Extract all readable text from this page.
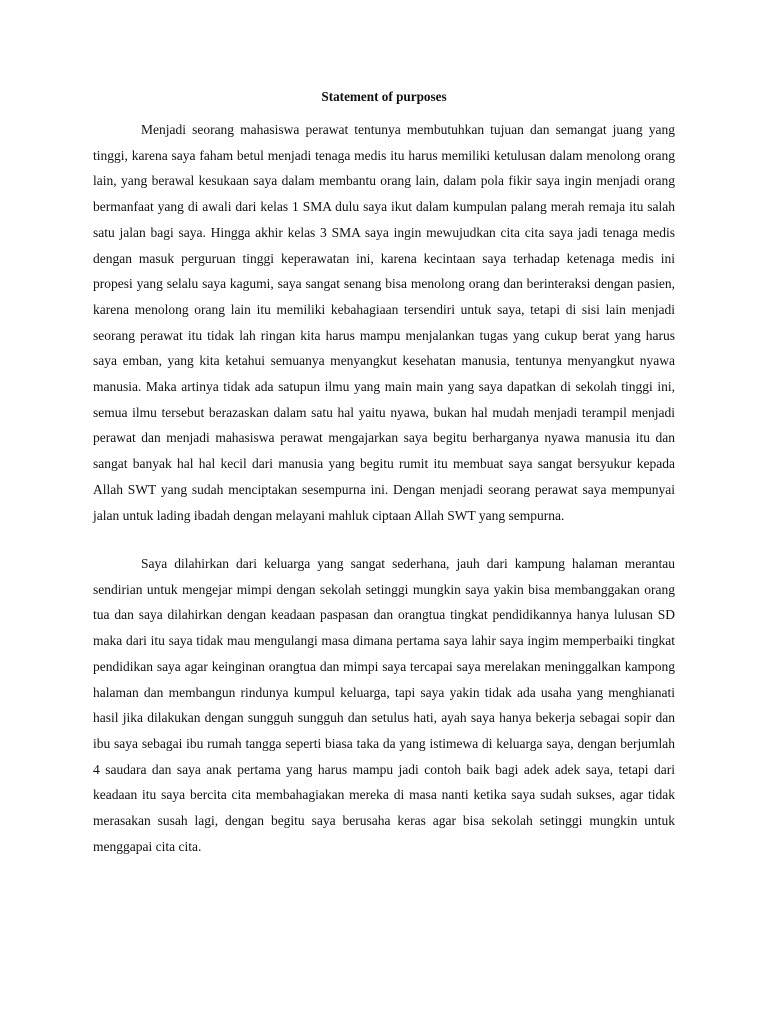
Statement of purposes

Menjadi seorang mahasiswa perawat tentunya membutuhkan tujuan dan semangat juang yang tinggi, karena saya faham betul menjadi tenaga medis itu harus memiliki ketulusan dalam menolong orang lain, yang berawal kesukaan saya dalam membantu orang lain, dalam pola fikir saya ingin menjadi orang bermanfaat yang di awali dari kelas 1 SMA dulu saya ikut dalam kumpulan palang merah remaja itu salah satu jalan bagi saya. Hingga akhir kelas 3 SMA saya ingin mewujudkan cita cita saya jadi tenaga medis dengan masuk perguruan tinggi keperawatan ini, karena kecintaan saya terhadap ketenaga medis ini propesi yang selalu saya kagumi, saya sangat senang bisa menolong orang dan berinteraksi dengan pasien, karena menolong orang lain itu memiliki kebahagiaan tersendiri untuk saya, tetapi di sisi lain menjadi seorang perawat itu tidak lah ringan kita harus mampu menjalankan tugas yang cukup berat yang harus saya emban, yang kita ketahui semuanya menyangkut kesehatan manusia, tentunya menyangkut nyawa manusia. Maka artinya tidak ada satupun ilmu yang main main yang saya dapatkan di sekolah tinggi ini, semua ilmu tersebut berazaskan dalam satu hal yaitu nyawa, bukan hal mudah menjadi terampil menjadi perawat dan menjadi mahasiswa perawat mengajarkan saya begitu berharganya nyawa manusia itu dan sangat banyak hal hal kecil dari manusia yang begitu rumit itu membuat saya sangat bersyukur kepada Allah SWT yang sudah menciptakan sesempurna ini. Dengan menjadi seorang perawat saya mempunyai jalan untuk lading ibadah dengan melayani mahluk ciptaan Allah SWT yang sempurna.

Saya dilahirkan dari keluarga yang sangat sederhana, jauh dari kampung halaman merantau sendirian untuk mengejar mimpi dengan sekolah setinggi mungkin saya yakin bisa membanggakan orang tua dan saya dilahirkan dengan keadaan paspasan dan orangtua tingkat pendidikannya hanya lulusan SD maka dari itu saya tidak mau mengulangi masa dimana pertama saya lahir saya ingim memperbaiki tingkat pendidikan saya agar keinginan orangtua dan mimpi saya tercapai saya merelakan meninggalkan kampong halaman dan membangun rindunya kumpul keluarga, tapi saya yakin tidak ada usaha yang menghianati hasil jika dilakukan dengan sungguh sungguh dan setulus hati, ayah saya hanya bekerja sebagai sopir dan ibu saya sebagai ibu rumah tangga seperti biasa taka da yang istimewa di keluarga saya, dengan berjumlah 4 saudara dan saya anak pertama yang harus mampu jadi contoh baik bagi adek adek saya, tetapi dari keadaan itu saya bercita cita membahagiakan mereka di masa nanti ketika saya sudah sukses, agar tidak merasakan susah lagi, dengan begitu saya berusaha keras agar bisa sekolah setinggi mungkin untuk menggapai cita cita.
